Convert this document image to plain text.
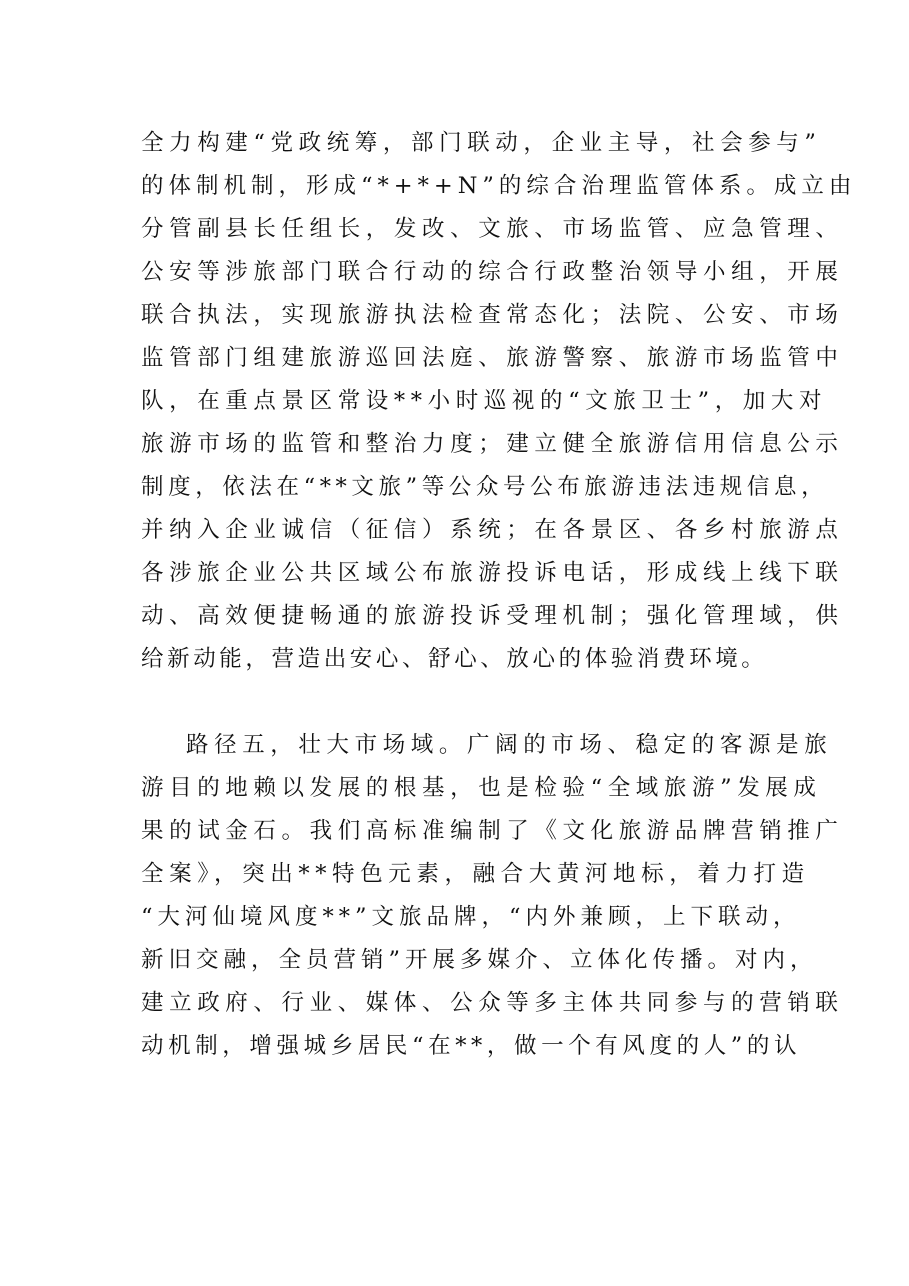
全力构建“党政统筹，部门联动，企业主导，社会参与”
的体制机制，形成“*+*+N”的综合治理监管体系。成立由
分管副县长任组长，发改、文旅、市场监管、应急管理、
公安等涉旅部门联合行动的综合行政整治领导小组，开展
联合执法，实现旅游执法检查常态化；法院、公安、市场
监管部门组建旅游巡回法庭、旅游警察、旅游市场监管中
队，在重点景区常设**小时巡视的“文旅卫士”，加大对
旅游市场的监管和整治力度；建立健全旅游信用信息公示
制度，依法在“**文旅”等公众号公布旅游违法违规信息，
并纳入企业诚信（征信）系统；在各景区、各乡村旅游点
各涉旅企业公共区域公布旅游投诉电话，形成线上线下联
动、高效便捷畅通的旅游投诉受理机制；强化管理域，供
给新动能，营造出安心、舒心、放心的体验消费环境。
路径五，壮大市场域。广阔的市场、稳定的客源是旅
游目的地赖以发展的根基，也是检验“全域旅游”发展成
果的试金石。我们高标准编制了《文化旅游品牌营销推广
全案》，突出**特色元素，融合大黄河地标，着力打造
“大河仙境风度**”文旅品牌，“内外兼顾，上下联动，
新旧交融，全员营销”开展多媒介、立体化传播。对内，
建立政府、行业、媒体、公众等多主体共同参与的营销联
动机制，增强城乡居民“在**，做一个有风度的人”的认
